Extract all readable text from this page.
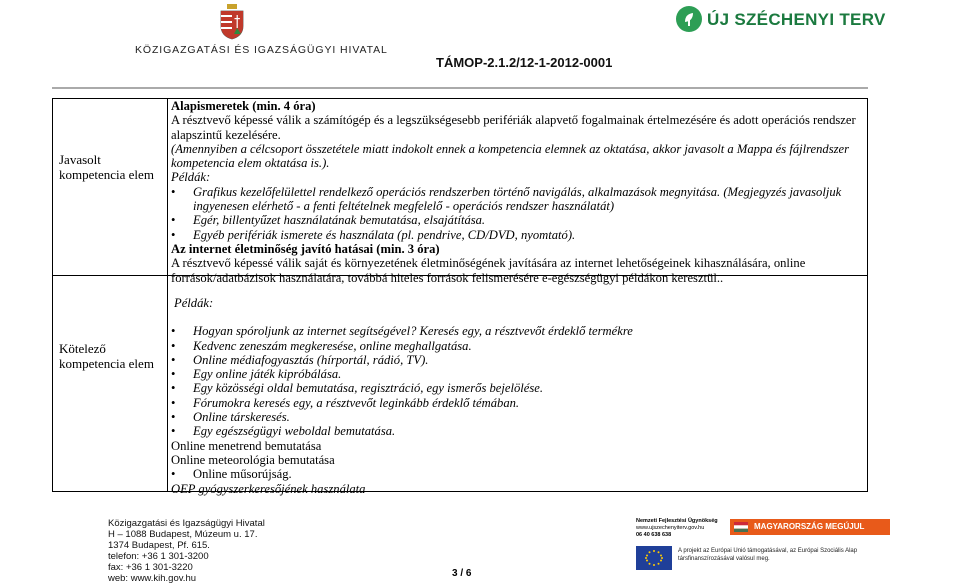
KÖZIGAZGATÁSI ÉS IGAZSÁGÜGYI HIVATAL
ÚJ SZÉCHENYI TERV
TÁMOP-2.1.2/12-1-2012-0001
Javasolt kompetencia elem
Kötelező kompetencia elem

Alapismeretek (min. 4 óra)

A résztvevő képessé válik a számítógép és a legszükségesebb perifériák alapvető fogalmainak értelmezésére és adott operációs rendszer alapszintű kezelésére.

(Amennyiben a célcsoport összetétele miatt indokolt ennek a kompetencia elemnek az oktatása, akkor javasolt a Mappa és fájlrendszer kompetencia elem oktatása is.).

Példák:

• Grafikus kezelőfelülettel rendelkező operációs rendszerben történő navigálás, alkalmazások megnyitása. (Megjegyzés javasoljuk ingyenesen elérhető - a fenti feltételnek megfelelő - operációs rendszer használatát)
• Egér, billentyűzet használatának bemutatása, elsajátítása.
• Egyéb perifériák ismerete és használata (pl. pendrive, CD/DVD, nyomtató).

Az internet életminőség javító hatásai (min. 3 óra)

A résztvevő képessé válik saját és környezetének életminőségének javítására az internet lehetőségeinek kihasználására, online források/adatbázisok használatára, továbbá hiteles források felismerésére e-egészségügyi példákon keresztül..

Példák:

• Hogyan spóroljunk az internet segítségével? Keresés egy, a résztvevőt érdeklő termékre
• Kedvenc zeneszám megkeresése, online meghallgatása.
• Online médiafogyasztás (hírportál, rádió, TV).
• Egy online játék kipróbálása.
• Egy közösségi oldal bemutatása, regisztráció, egy ismerős bejelölése.
• Fórumokra keresés egy, a résztvevőt leginkább érdeklő témában.
• Online társkeresés.
• Egy egészségügyi weboldal bemutatása.

Online menetrend bemutatása

Online meteorológia bemutatása

• Online műsorújság.

OEP gyógyszerkeresőjének használata

Közigazgatási és Igazságügyi Hivatal
H – 1088 Budapest, Múzeum u. 17.
1374 Budapest, Pf. 615.
telefon: +36 1 301-3200
fax: +36 1 301-3220
web: www.kih.gov.hu	3 / 6
Nemzeti Fejlesztési Ügynökség
www.ujszechenyiterv.gov.hu
06 40 638 638
MAGYARORSZÁG MEGÚJUL
A projekt az Európai Unió támogatásával, az Európai Szociális Alap társfinanszírozásával valósul meg.
